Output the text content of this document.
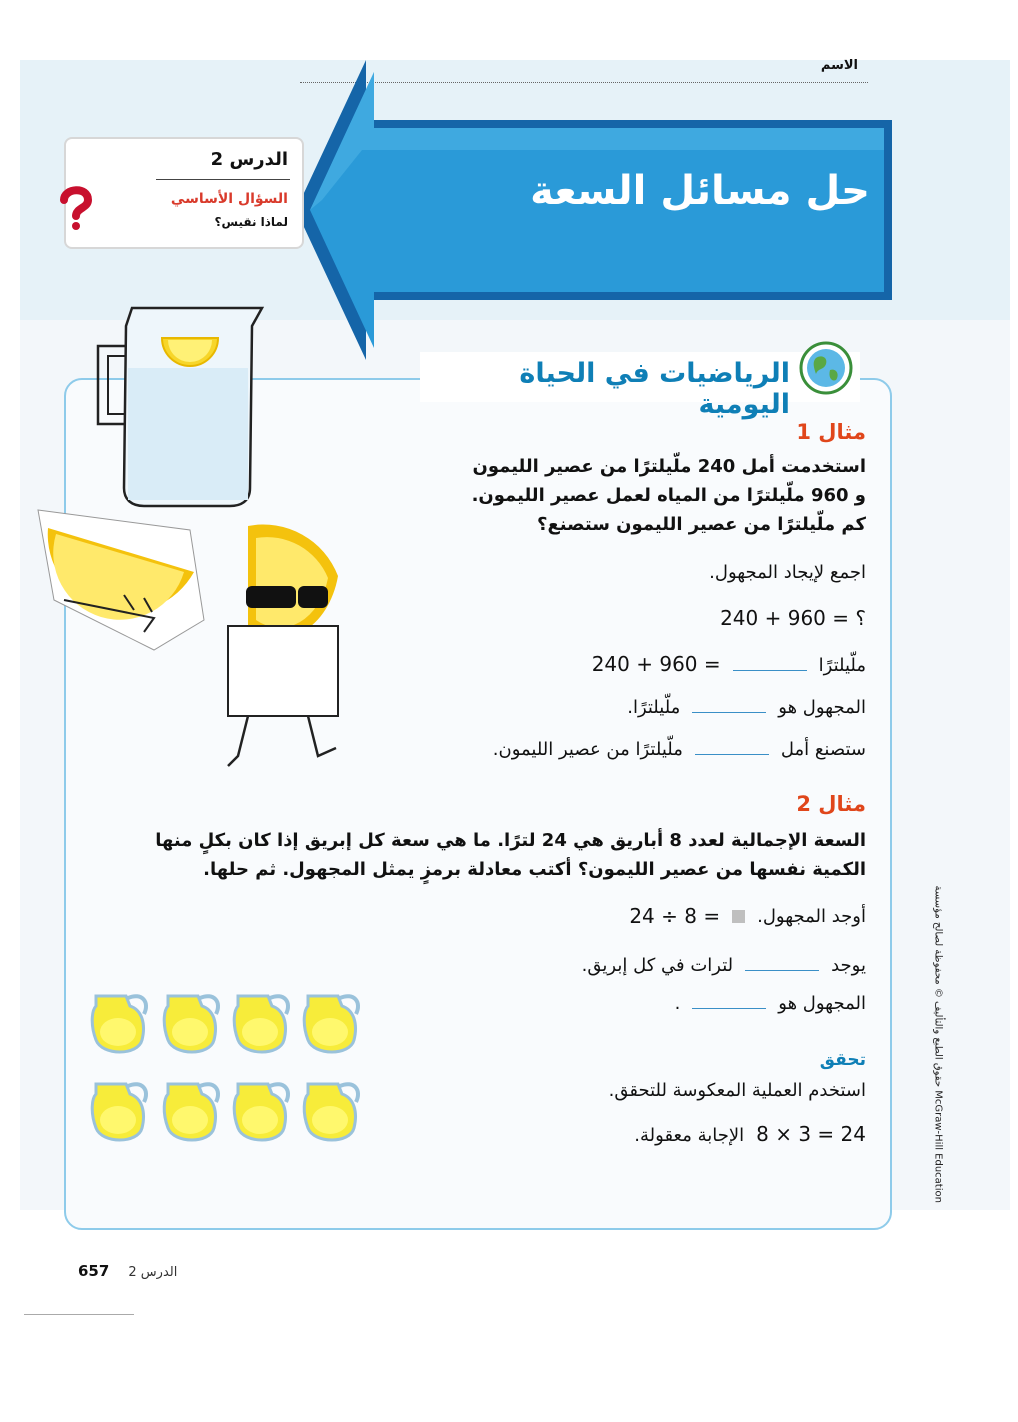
الاسم
حل مسائل السعة
الدرس 2
السؤال الأساسي
لماذا نقيس؟
الرياضيات في الحياة اليومية
مثال 1
استخدمت أمل 240 ملّيلترًا من عصير الليمون
و 960 ملّيلترًا من المياه لعمل عصير الليمون.
كم ملّيلترًا من عصير الليمون ستصنع؟
اجمع لإيجاد المجهول.
240 + 960 = ؟
ملّيلترًا
240 + 960 =
المجهول هو
ملّيلترًا.
ستصنع أمل
ملّيلترًا من عصير الليمون.
مثال 2
السعة الإجمالية لعدد 8 أباريق هي 24 لترًا. ما هي سعة كل إبريق إذا كان بكلٍ منها
الكمية نفسها من عصير الليمون؟ أكتب معادلة برمزٍ يمثل المجهول. ثم حلها.
أوجد المجهول.
24 ÷ 8 =
يوجد
لترات في كل إبريق.
المجهول هو
.
تحقق
استخدم العملية المعكوسة للتحقق.
8 × 3 = 24
الإجابة معقولة.
حقوق الطبع والتأليف © محفوظة لصالح مؤسسة McGraw-Hill Education
657 الدرس 2
